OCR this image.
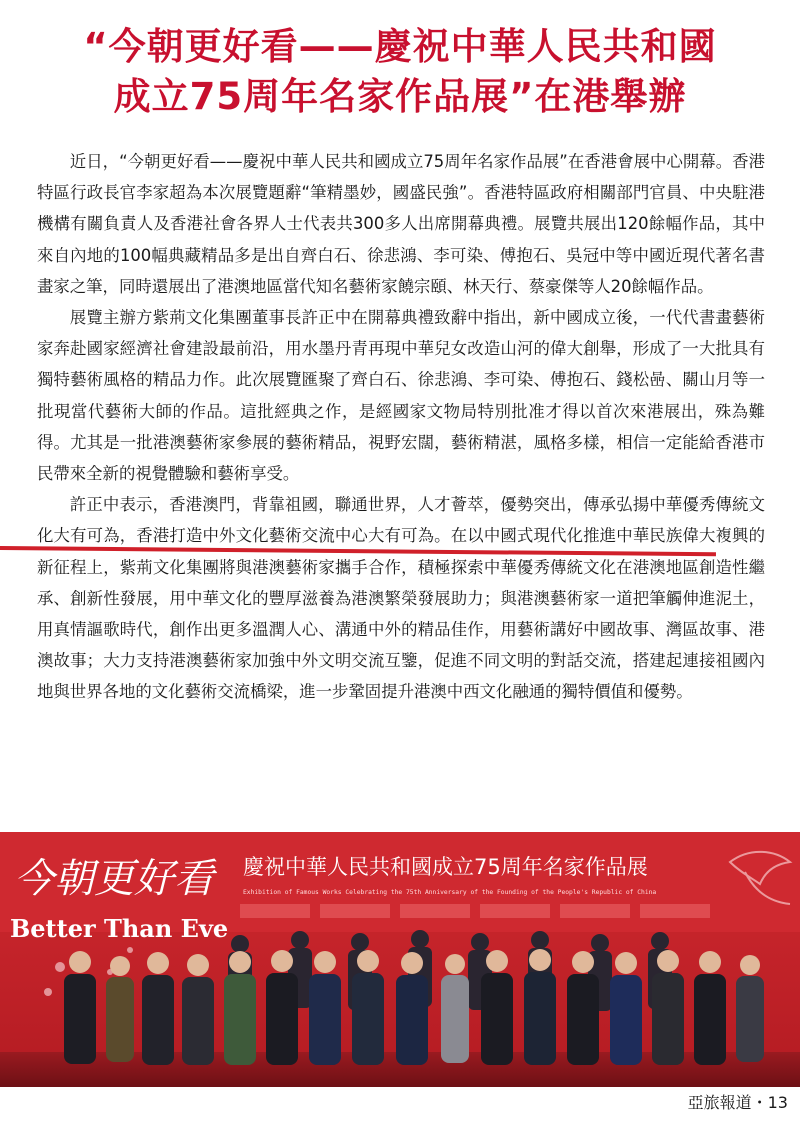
“今朝更好看——慶祝中華人民共和國
成立75周年名家作品展”在港舉辦

近日，“今朝更好看——慶祝中華人民共和國成立75周年名家作品展”在香港會展中心開幕。香港特區行政長官李家超為本次展覽題辭“筆精墨妙，國盛民強”。香港特區政府相關部門官員、中央駐港機構有關負責人及香港社會各界人士代表共300多人出席開幕典禮。展覽共展出120餘幅作品，其中來自內地的100幅典藏精品多是出自齊白石、徐悲鴻、李可染、傅抱石、吳冠中等中國近現代著名書畫家之筆，同時還展出了港澳地區當代知名藝術家饒宗頤、林天行、蔡豪傑等人20餘幅作品。

展覽主辦方紫荊文化集團董事長許正中在開幕典禮致辭中指出，新中國成立後，一代代書畫藝術家奔赴國家經濟社會建設最前沿，用水墨丹青再現中華兒女改造山河的偉大創舉，形成了一大批具有獨特藝術風格的精品力作。此次展覽匯聚了齊白石、徐悲鴻、李可染、傅抱石、錢松喦、關山月等一批現當代藝術大師的作品。這批經典之作，是經國家文物局特別批准才得以首次來港展出，殊為難得。尤其是一批港澳藝術家參展的藝術精品，視野宏闊，藝術精湛，風格多樣，相信一定能給香港市民帶來全新的視覺體驗和藝術享受。

許正中表示，香港澳門，背靠祖國，聯通世界，人才薈萃，優勢突出，傳承弘揚中華優秀傳統文化大有可為，香港打造中外文化藝術交流中心大有可為。在以中國式現代化推進中華民族偉大複興的新征程上，紫荊文化集團將與港澳藝術家攜手合作，積極探索中華優秀傳統文化在港澳地區創造性繼承、創新性發展，用中華文化的豐厚滋養為港澳繁榮發展助力；與港澳藝術家一道把筆觸伸進泥土，用真情謳歌時代，創作出更多溫潤人心、溝通中外的精品佳作，用藝術講好中國故事、灣區故事、港澳故事；大力支持港澳藝術家加強中外文明交流互鑒，促進不同文明的對話交流，搭建起連接祖國內地與世界各地的文化藝術交流橋梁，進一步鞏固提升港澳中西文化融通的獨特價值和優勢。

今朝更好看 慶祝中華人民共和國成立75周年名家作品展
Exhibition of Famous Works Celebrating the 75th Anniversary of the Founding of the People's Republic of China
Better Than Eve
亞旅報道・13
